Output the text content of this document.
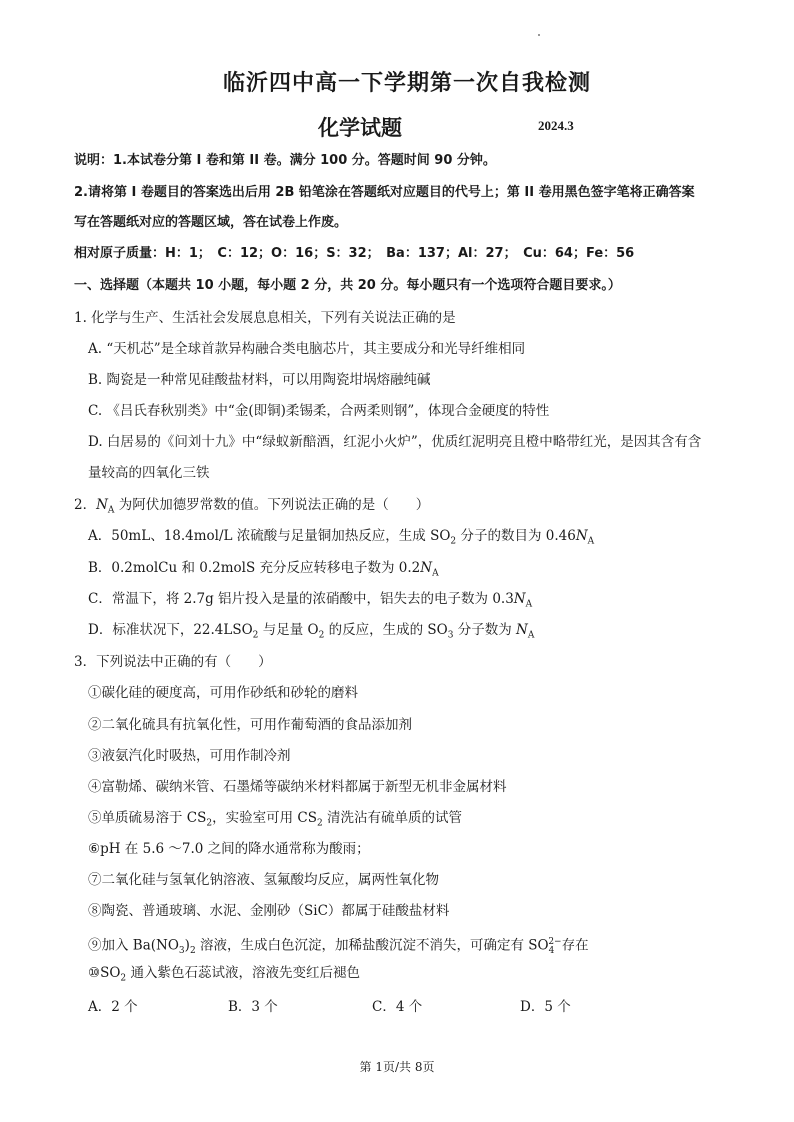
临沂四中高一下学期第一次自我检测
化学试题	2024.3
说明：1.本试卷分第 I 卷和第 II 卷。满分 100 分。答题时间 90 分钟。
2.请将第 I 卷题目的答案选出后用 2B 铅笔涂在答题纸对应题目的代号上；第 II 卷用黑色签字笔将正确答案
写在答题纸对应的答题区域，答在试卷上作废。
相对原子质量：H：1；　C：12；O：16；S：32；　Ba：137；Al：27；　Cu：64；Fe：56
一、选择题（本题共 10 小题，每小题 2 分，共 20 分。每小题只有一个选项符合题目要求。）
1. 化学与生产、生活社会发展息息相关，下列有关说法正确的是
A. “天机芯”是全球首款异构融合类电脑芯片，其主要成分和光导纤维相同
B. 陶瓷是一种常见硅酸盐材料，可以用陶瓷坩埚熔融纯碱
C. 《吕氏春秋别类》中“金(即铜)柔锡柔，合两柔则钢”，体现合金硬度的特性
D. 白居易的《问刘十九》中“绿蚁新醅酒，红泥小火炉”，优质红泥明亮且橙中略带红光，是因其含有含
量较高的四氧化三铁
2．$N_A$ 为阿伏加德罗常数的值。下列说法正确的是（　　）
A．50mL、18.4mol/L 浓硫酸与足量铜加热反应，生成 $SO_2$ 分子的数目为 $0.46N_A$
B．0.2molCu 和 0.2molS 充分反应转移电子数为 $0.2N_A$
C．常温下，将 2.7g 铝片投入是量的浓硝酸中，铝失去的电子数为 $0.3N_A$
D．标准状况下，$22.4LSO_2$ 与足量 $O_2$ 的反应，生成的 $SO_3$ 分子数为 $N_A$
3．下列说法中正确的有（　　）
①碳化硅的硬度高，可用作砂纸和砂轮的磨料
②二氧化硫具有抗氧化性，可用作葡萄酒的食品添加剂
③液氨汽化时吸热，可用作制冷剂
④富勒烯、碳纳米管、石墨烯等碳纳米材料都属于新型无机非金属材料
⑤单质硫易溶于 $CS_2$，实验室可用 $CS_2$ 清洗沾有硫单质的试管
⑥pH 在 5.6 ～7.0 之间的降水通常称为酸雨；
⑦二氧化硅与氢氧化钠溶液、氢氟酸均反应，属两性氧化物
⑧陶瓷、普通玻璃、水泥、金刚砂（SiC）都属于硅酸盐材料
⑨加入 $Ba(NO_3)_2$ 溶液，生成白色沉淀，加稀盐酸沉淀不消失，可确定有 $SO_4^{2-}$存在
$⑩SO_2$ 通入紫色石蕊试液，溶液先变红后褪色
A．2 个	B．3 个	C．4 个	D．5 个
第 1页/共 8页
